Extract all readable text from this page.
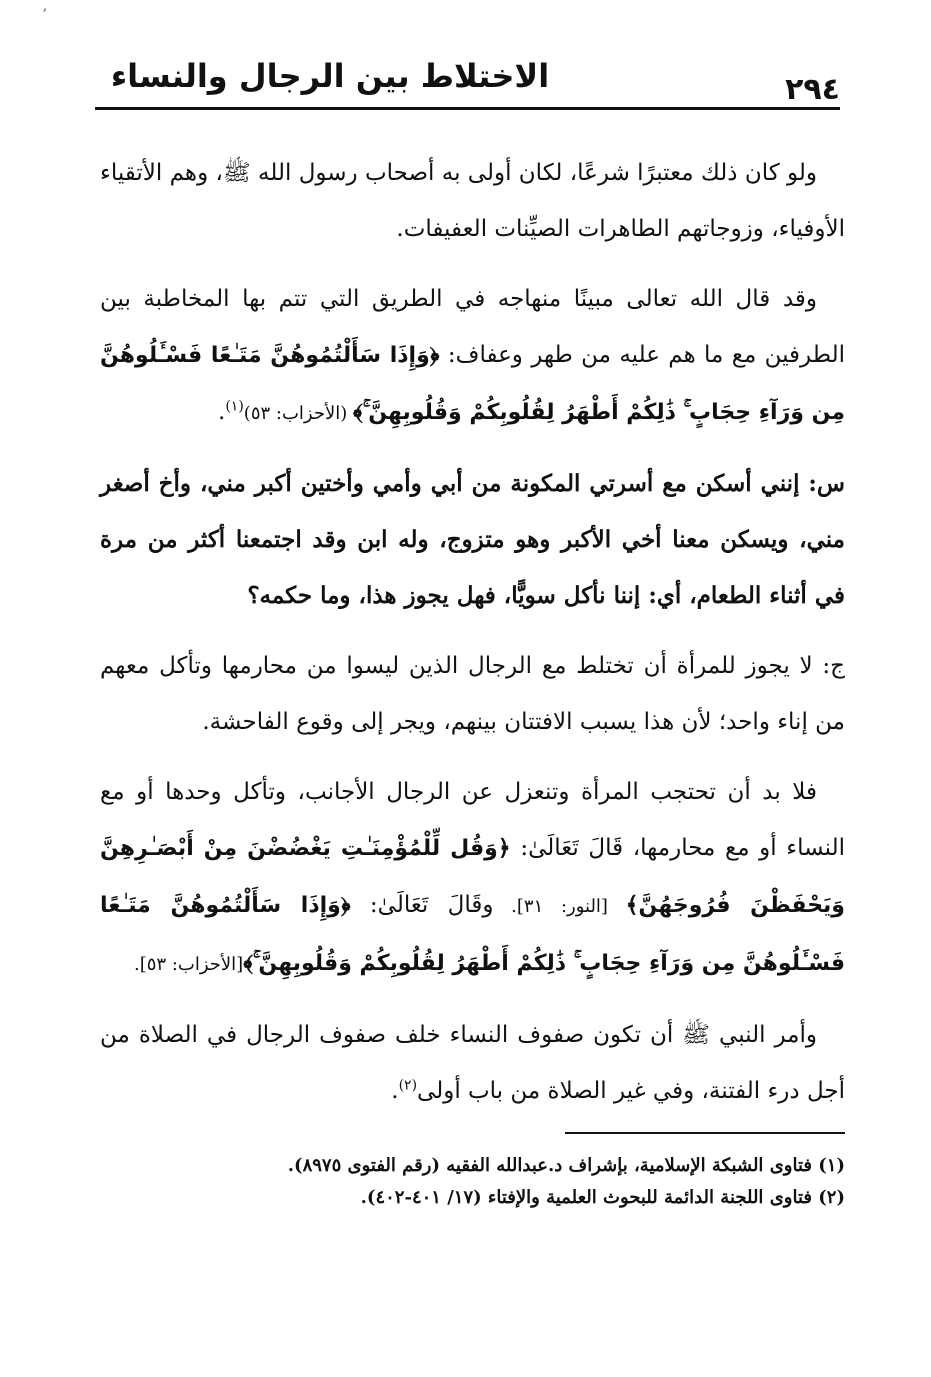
ʼ
٢٩٤
الاختلاط بين الرجال والنساء

ولو كان ذلك معتبرًا شرعًا، لكان أولى به أصحاب رسول الله ﷺ، وهم الأتقياء الأوفياء، وزوجاتهم الطاهرات الصيِّنات العفيفات.

وقد قال الله تعالى مبينًا منهاجه في الطريق التي تتم بها المخاطبة بين الطرفين مع ما هم عليه من طهر وعفاف: ﴿وَإِذَا سَأَلْتُمُوهُنَّ مَتَـٰعًا فَسْـَٔلُوهُنَّ مِن وَرَآءِ حِجَابٍ ۚ ذَٰلِكُمْ أَطْهَرُ لِقُلُوبِكُمْ وَقُلُوبِهِنَّ ۚ﴾ (الأحزاب: ٥٣)$^{(١)}$.

س: إنني أسكن مع أسرتي المكونة من أبي وأمي وأختين أكبر مني، وأخ أصغر مني، ويسكن معنا أخي الأكبر وهو متزوج، وله ابن وقد اجتمعنا أكثر من مرة في أثناء الطعام، أي: إننا نأكل سويًّا، فهل يجوز هذا، وما حكمه؟

ج: لا يجوز للمرأة أن تختلط مع الرجال الذين ليسوا من محارمها وتأكل معهم من إناء واحد؛ لأن هذا يسبب الافتتان بينهم، ويجر إلى وقوع الفاحشة.

فلا بد أن تحتجب المرأة وتنعزل عن الرجال الأجانب، وتأكل وحدها أو مع النساء أو مع محارمها، قَالَ تَعَالَىٰ: ﴿وَقُل لِّلْمُؤْمِنَـٰتِ يَغْضُضْنَ مِنْ أَبْصَـٰرِهِنَّ وَيَحْفَظْنَ فُرُوجَهُنَّ﴾ [النور: ٣١]. وقَالَ تَعَالَىٰ: ﴿وَإِذَا سَأَلْتُمُوهُنَّ مَتَـٰعًا فَسْـَٔلُوهُنَّ مِن وَرَآءِ حِجَابٍ ۚ ذَٰلِكُمْ أَطْهَرُ لِقُلُوبِكُمْ وَقُلُوبِهِنَّ ۚ﴾[الأحزاب: ٥٣].

وأمر النبي ﷺ أن تكون صفوف النساء خلف صفوف الرجال في الصلاة من أجل درء الفتنة، وفي غير الصلاة من باب أولى$^{(٢)}$.

(١) فتاوى الشبكة الإسلامية، بإشراف د.عبدالله الفقيه (رقم الفتوى ٨٩٧٥).

(٢) فتاوى اللجنة الدائمة للبحوث العلمية والإفتاء (١٧/ ٤٠١-٤٠٢).
